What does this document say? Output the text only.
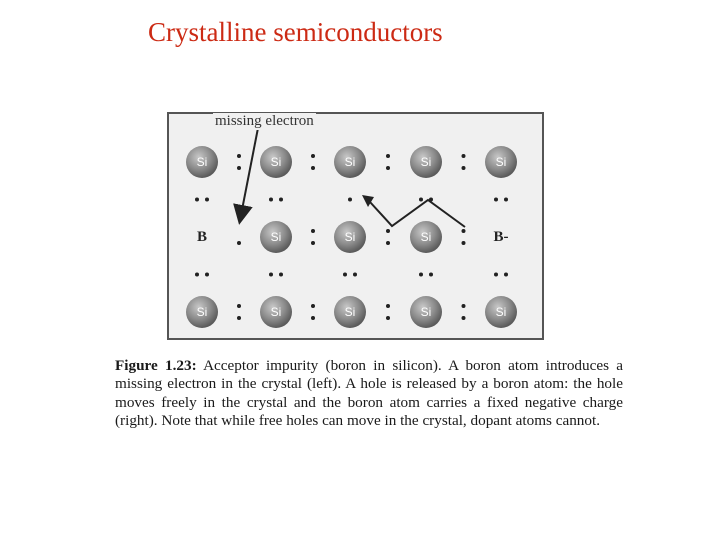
Crystalline semiconductors
Si	Si	Si	Si	Si
B	Si	Si	Si	B-
Si	Si	Si	Si	Si
missing electron
Figure 1.23: Acceptor impurity (boron in silicon). A boron atom introduces a missing electron in the crystal (left). A hole is released by a boron atom: the hole moves freely in the crystal and the boron atom carries a fixed negative charge (right). Note that while free holes can move in the crystal, dopant atoms cannot.
